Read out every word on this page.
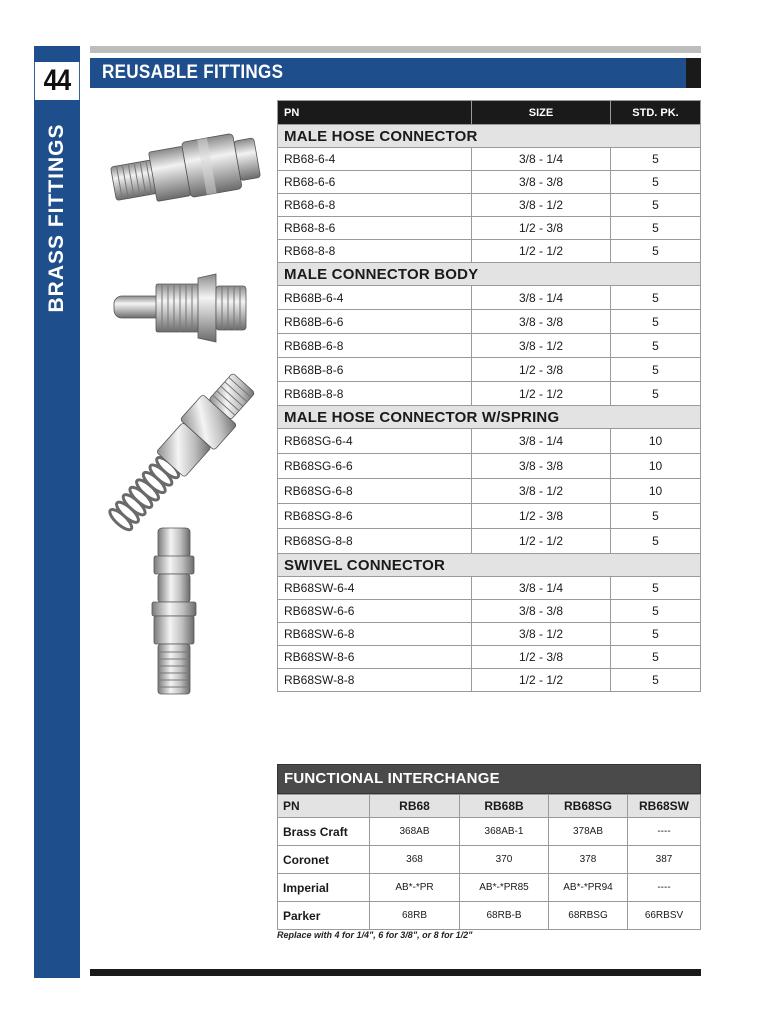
44
BRASS FITTINGS
REUSABLE FITTINGS
PN	SIZE	STD. PK.
MALE HOSE CONNECTOR		
RB68-6-4	3/8 - 1/4	5
RB68-6-6	3/8 - 3/8	5
RB68-6-8	3/8 - 1/2	5
RB68-8-6	1/2 - 3/8	5
RB68-8-8	1/2 - 1/2	5
MALE CONNECTOR BODY		
RB68B-6-4	3/8 - 1/4	5
RB68B-6-6	3/8 - 3/8	5
RB68B-6-8	3/8 - 1/2	5
RB68B-8-6	1/2 - 3/8	5
RB68B-8-8	1/2 - 1/2	5
MALE HOSE CONNECTOR W/SPRING		
RB68SG-6-4	3/8 - 1/4	10
RB68SG-6-6	3/8 - 3/8	10
RB68SG-6-8	3/8 - 1/2	10
RB68SG-8-6	1/2 - 3/8	5
RB68SG-8-8	1/2 - 1/2	5
SWIVEL CONNECTOR		
RB68SW-6-4	3/8 - 1/4	5
RB68SW-6-6	3/8 - 3/8	5
RB68SW-6-8	3/8 - 1/2	5
RB68SW-8-6	1/2 - 3/8	5
RB68SW-8-8	1/2 - 1/2	5
FUNCTIONAL INTERCHANGE
PN	RB68	RB68B	RB68SG	RB68SW
Brass Craft	368AB	368AB-1	378AB	----
Coronet	368	370	378	387
Imperial	AB*-*PR	AB*-*PR85	AB*-*PR94	----
Parker	68RB	68RB-B	68RBSG	66RBSV
Replace with 4 for 1/4", 6 for 3/8", or 8 for 1/2"
